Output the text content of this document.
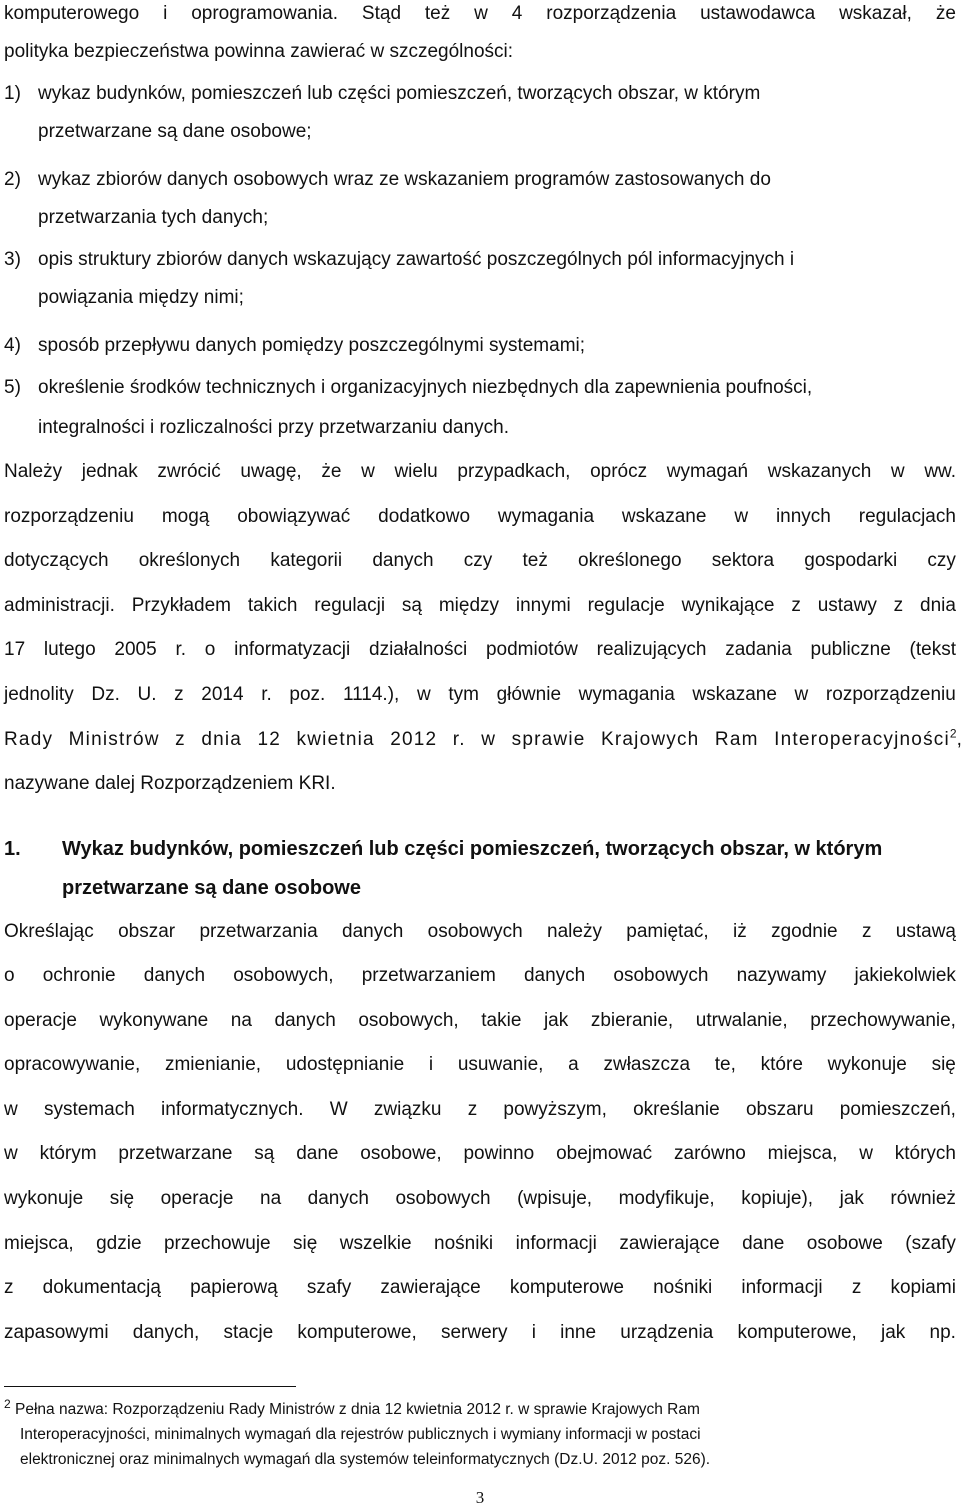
komputerowego i oprogramowania. Stąd też w 4 rozporządzenia ustawodawca wskazał, że
polityka bezpieczeństwa powinna zawierać w szczególności:
1) wykaz budynków, pomieszczeń lub części pomieszczeń, tworzących obszar, w którym
przetwarzane są dane osobowe;
2) wykaz zbiorów danych osobowych wraz ze wskazaniem programów zastosowanych do
przetwarzania tych danych;
3) opis struktury zbiorów danych wskazujący zawartość poszczególnych pól informacyjnych i
powiązania między nimi;
4) sposób przepływu danych pomiędzy poszczególnymi systemami;
5) określenie środków technicznych i organizacyjnych niezbędnych dla zapewnienia poufności,
integralności i rozliczalności przy przetwarzaniu danych.
Należy jednak zwrócić uwagę, że w wielu przypadkach, oprócz wymagań wskazanych w ww.
rozporządzeniu mogą obowiązywać dodatkowo wymagania wskazane w innych regulacjach
dotyczących określonych kategorii danych czy też określonego sektora gospodarki czy
administracji. Przykładem takich regulacji są między innymi regulacje wynikające z ustawy z dnia
17 lutego 2005 r. o informatyzacji działalności podmiotów realizujących zadania publiczne (tekst
jednolity Dz. U. z 2014 r. poz. 1114.), w tym głównie wymagania wskazane w rozporządzeniu
Rady Ministrów z dnia 12 kwietnia 2012 r. w sprawie Krajowych Ram Interoperacyjności$^2$,
nazywane dalej Rozporządzeniem KRI.
1. Wykaz budynków, pomieszczeń lub części pomieszczeń, tworzących obszar, w którym
przetwarzane są dane osobowe
Określając obszar przetwarzania danych osobowych należy pamiętać, iż zgodnie z ustawą
o ochronie danych osobowych, przetwarzaniem danych osobowych nazywamy jakiekolwiek
operacje wykonywane na danych osobowych, takie jak zbieranie, utrwalanie, przechowywanie,
opracowywanie, zmienianie, udostępnianie i usuwanie, a zwłaszcza te, które wykonuje się
w systemach informatycznych. W związku z powyższym, określanie obszaru pomieszczeń,
w którym przetwarzane są dane osobowe, powinno obejmować zarówno miejsca, w których
wykonuje się operacje na danych osobowych (wpisuje, modyfikuje, kopiuje), jak również
miejsca, gdzie przechowuje się wszelkie nośniki informacji zawierające dane osobowe (szafy
z dokumentacją papierową szafy zawierające komputerowe nośniki informacji z kopiami
zapasowymi danych, stacje komputerowe, serwery i inne urządzenia komputerowe, jak np.
$^2$ Pełna nazwa: Rozporządzeniu Rady Ministrów z dnia 12 kwietnia 2012 r. w sprawie Krajowych Ram
Interoperacyjności, minimalnych wymagań dla rejestrów publicznych i wymiany informacji w postaci
elektronicznej oraz minimalnych wymagań dla systemów teleinformatycznych (Dz.U. 2012 poz. 526).
3
